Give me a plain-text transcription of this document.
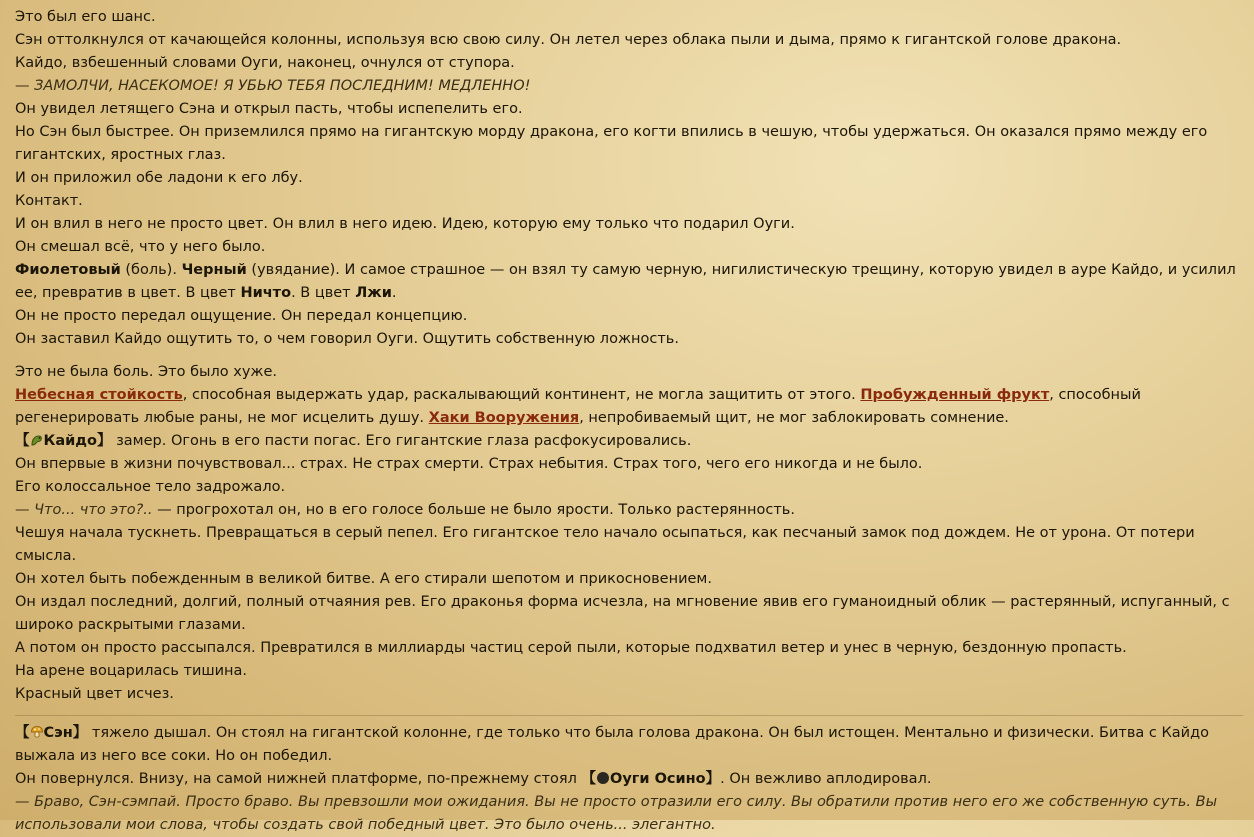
Это был его шанс.

Сэн оттолкнулся от качающейся колонны, используя всю свою силу. Он летел через облака пыли и дыма, прямо к гигантской голове дракона.

Кайдо, взбешенный словами Оуги, наконец, очнулся от ступора.

— ЗАМОЛЧИ, НАСЕКОМОЕ! Я УБЬЮ ТЕБЯ ПОСЛЕДНИМ! МЕДЛЕННО!

Он увидел летящего Сэна и открыл пасть, чтобы испепелить его.

Но Сэн был быстрее. Он приземлился прямо на гигантскую морду дракона, его когти впились в чешую, чтобы удержаться. Он оказался прямо между его гигантских, яростных глаз.

И он приложил обе ладони к его лбу.

Контакт.

И он влил в него не просто цвет. Он влил в него идею. Идею, которую ему только что подарил Оуги.

Он смешал всё, что у него было.

Фиолетовый (боль). Черный (увядание). И самое страшное — он взял ту самую черную, нигилистическую трещину, которую увидел в ауре Кайдо, и усилил ее, превратив в цвет. В цвет Ничто. В цвет Лжи.

Он не просто передал ощущение. Он передал концепцию.

Он заставил Кайдо ощутить то, о чем говорил Оуги. Ощутить собственную ложность.

Это не была боль. Это было хуже.

Небесная стойкость, способная выдержать удар, раскалывающий континент, не могла защитить от этого. Пробужденный фрукт, способный регенерировать любые раны, не мог исцелить душу. Хаки Вооружения, непробиваемый щит, не мог заблокировать сомнение.

【 Кайдо】 замер. Огонь в его пасти погас. Его гигантские глаза расфокусировались.

Он впервые в жизни почувствовал... страх. Не страх смерти. Страх небытия. Страх того, чего его никогда и не было.

Его колоссальное тело задрожало.

— Что... что это?.. — прогрохотал он, но в его голосе больше не было ярости. Только растерянность.

Чешуя начала тускнеть. Превращаться в серый пепел. Его гигантское тело начало осыпаться, как песчаный замок под дождем. Не от урона. От потери смысла.

Он хотел быть побежденным в великой битве. А его стирали шепотом и прикосновением.

Он издал последний, долгий, полный отчаяния рев. Его драконья форма исчезла, на мгновение явив его гуманоидный облик — растерянный, испуганный, с широко раскрытыми глазами.

А потом он просто рассыпался. Превратился в миллиарды частиц серой пыли, которые подхватил ветер и унес в черную, бездонную пропасть.

На арене воцарилась тишина.

Красный цвет исчез.

【 Сэн】 тяжело дышал. Он стоял на гигантской колонне, где только что была голова дракона. Он был истощен. Ментально и физически. Битва с Кайдо выжала из него все соки. Но он победил.

Он повернулся. Внизу, на самой нижней платформе, по-прежнему стоял 【 Оуги Осино】. Он вежливо аплодировал.

— Браво, Сэн-сэмпай. Просто браво. Вы превзошли мои ожидания. Вы не просто отразили его силу. Вы обратили против него его же собственную суть. Вы использовали мои слова, чтобы создать свой победный цвет. Это было очень... элегантно.
